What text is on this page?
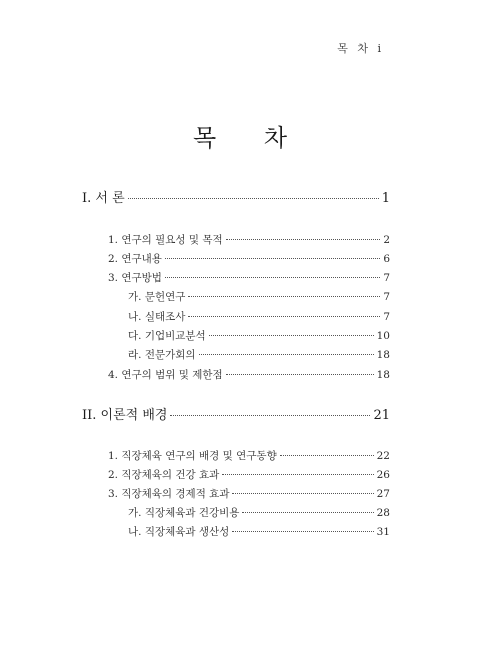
목 차 i
목 차
I. 서 론	1
1. 연구의 필요성 및 목적	2
2. 연구내용	6
3. 연구방법	7
가. 문헌연구	7
나. 실태조사	7
다. 기업비교분석	10
라. 전문가회의	18
4. 연구의 범위 및 제한점	18
II. 이론적 배경	21
1. 직장체육 연구의 배경 및 연구동향	22
2. 직장체육의 건강 효과	26
3. 직장체육의 경제적 효과	27
가. 직장체육과 건강비용	28
나. 직장체육과 생산성	31
